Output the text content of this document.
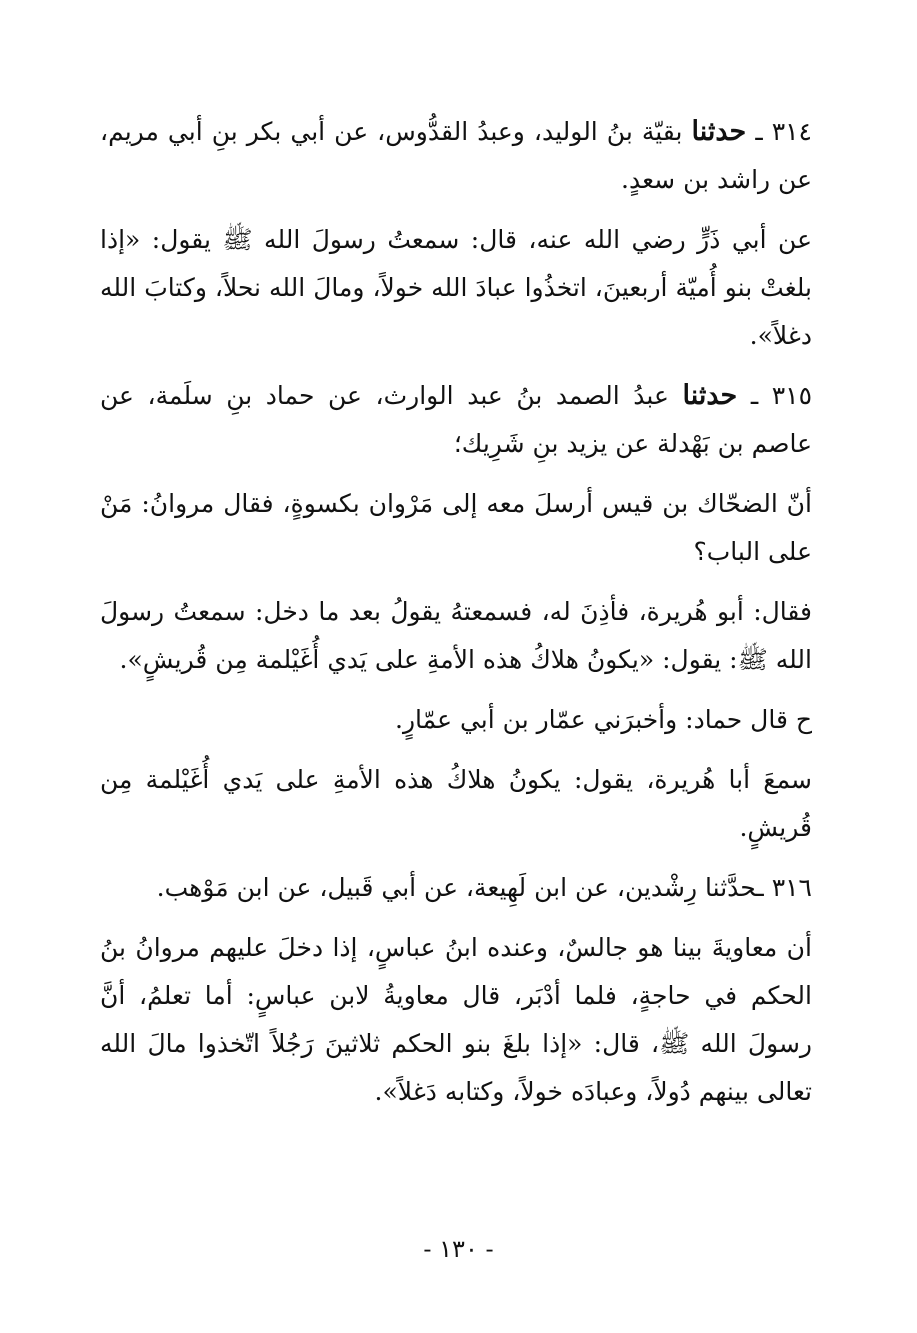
٣١٤ ـ حدثنا بقيّة بنُ الوليد، وعبدُ القدُّوس، عن أبي بكر بنِ أبي مريم، عن راشد بن سعدٍ.

عن أبي ذَرٍّ رضي الله عنه، قال: سمعتُ رسولَ الله ﷺ يقول: «إذا بلغتْ بنو أُميّة أربعينَ، اتخذُوا عبادَ الله خولاً، ومالَ الله نحلاً، وكتابَ الله دغلاً».

٣١٥ ـ حدثنا عبدُ الصمد بنُ عبد الوارث، عن حماد بنِ سلَمة، عن عاصم بن بَهْدلة عن يزيد بنِ شَرِيك؛

أنّ الضحّاك بن قيس أرسلَ معه إلى مَرْوان بكسوةٍ، فقال مروانُ: مَنْ على الباب؟

فقال: أبو هُريرة، فأذِنَ له، فسمعتهُ يقولُ بعد ما دخل: سمعتُ رسولَ الله ﷺ: يقول: «يكونُ هلاكُ هذه الأمةِ على يَدي أُغَيْلمة مِن قُريشٍ».

ح قال حماد: وأخبرَني عمّار بن أبي عمّارٍ.

سمعَ أبا هُريرة، يقول: يكونُ هلاكُ هذه الأمةِ على يَدي أُغَيْلمة مِن قُريشٍ.

٣١٦ ـحدَّثنا رِشْدين، عن ابن لَهِيعة، عن أبي قَبيل، عن ابن مَوْهب.

أن معاويةَ بينا هو جالسٌ، وعنده ابنُ عباسٍ، إذا دخلَ عليهم مروانُ بنُ الحكم في حاجةٍ، فلما أدْبَر، قال معاويةُ لابن عباسٍ: أما تعلمُ، أنَّ رسولَ الله ﷺ، قال: «إذا بلغَ بنو الحكم ثلاثينَ رَجُلاً اتّخذوا مالَ الله تعالى بينهم دُولاً، وعبادَه خولاً، وكتابه دَغلاً».

- ١٣٠ -
